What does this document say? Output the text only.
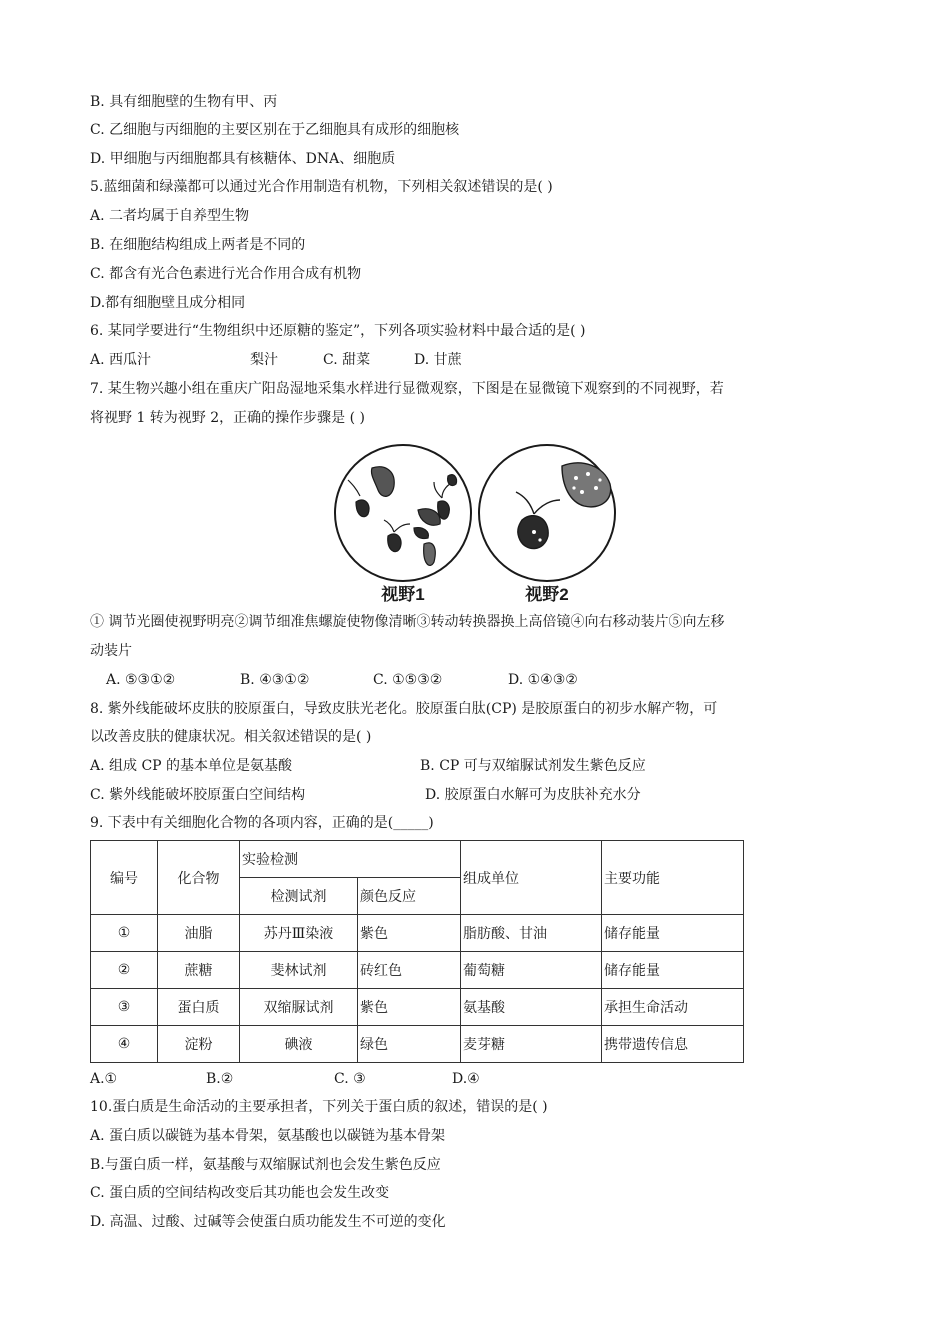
B. 具有细胞壁的生物有甲、丙
C. 乙细胞与丙细胞的主要区别在于乙细胞具有成形的细胞核
D. 甲细胞与丙细胞都具有核糖体、DNA、细胞质
5.蓝细菌和绿藻都可以通过光合作用制造有机物，下列相关叙述错误的是( )
A. 二者均属于自养型生物
B. 在细胞结构组成上两者是不同的
C. 都含有光合色素进行光合作用合成有机物
D.都有细胞壁且成分相同
6. 某同学要进行“生物组织中还原糖的鉴定”，下列各项实验材料中最合适的是( )
A. 西瓜汁	梨汁	C. 甜菜	D. 甘蔗
7. 某生物兴趣小组在重庆广阳岛湿地采集水样进行显微观察，下图是在显微镜下观察到的不同视野，若
将视野 1 转为视野 2，正确的操作步骤是 ( )
视野1	视野2
① 调节光圈使视野明亮②调节细准焦螺旋使物像清晰③转动转换器换上高倍镜④向右移动装片⑤向左移
动装片
A. ⑤③①②	B. ④③①②	C. ①⑤③②	D. ①④③②
8. 紫外线能破坏皮肤的胶原蛋白，导致皮肤光老化。胶原蛋白肽(CP) 是胶原蛋白的初步水解产物，可
以改善皮肤的健康状况。相关叙述错误的是( )
A. 组成 CP 的基本单位是氨基酸	B. CP 可与双缩脲试剂发生紫色反应
C. 紫外线能破坏胶原蛋白空间结构	D. 胶原蛋白水解可为皮肤补充水分
9. 下表中有关细胞化合物的各项内容，正确的是(_____)
编号	化合物	实验检测		组成单位	主要功能
		检测试剂	颜色反应		
①	油脂	苏丹Ⅲ染液	紫色	脂肪酸、甘油	储存能量
②	蔗糖	斐林试剂	砖红色	葡萄糖	储存能量
③	蛋白质	双缩脲试剂	紫色	氨基酸	承担生命活动
④	淀粉	碘液	绿色	麦芽糖	携带遗传信息
A.①	B.②	C. ③	D.④
10.蛋白质是生命活动的主要承担者，下列关于蛋白质的叙述，错误的是( )
A. 蛋白质以碳链为基本骨架，氨基酸也以碳链为基本骨架
B.与蛋白质一样，氨基酸与双缩脲试剂也会发生紫色反应
C. 蛋白质的空间结构改变后其功能也会发生改变
D. 高温、过酸、过碱等会使蛋白质功能发生不可逆的变化
